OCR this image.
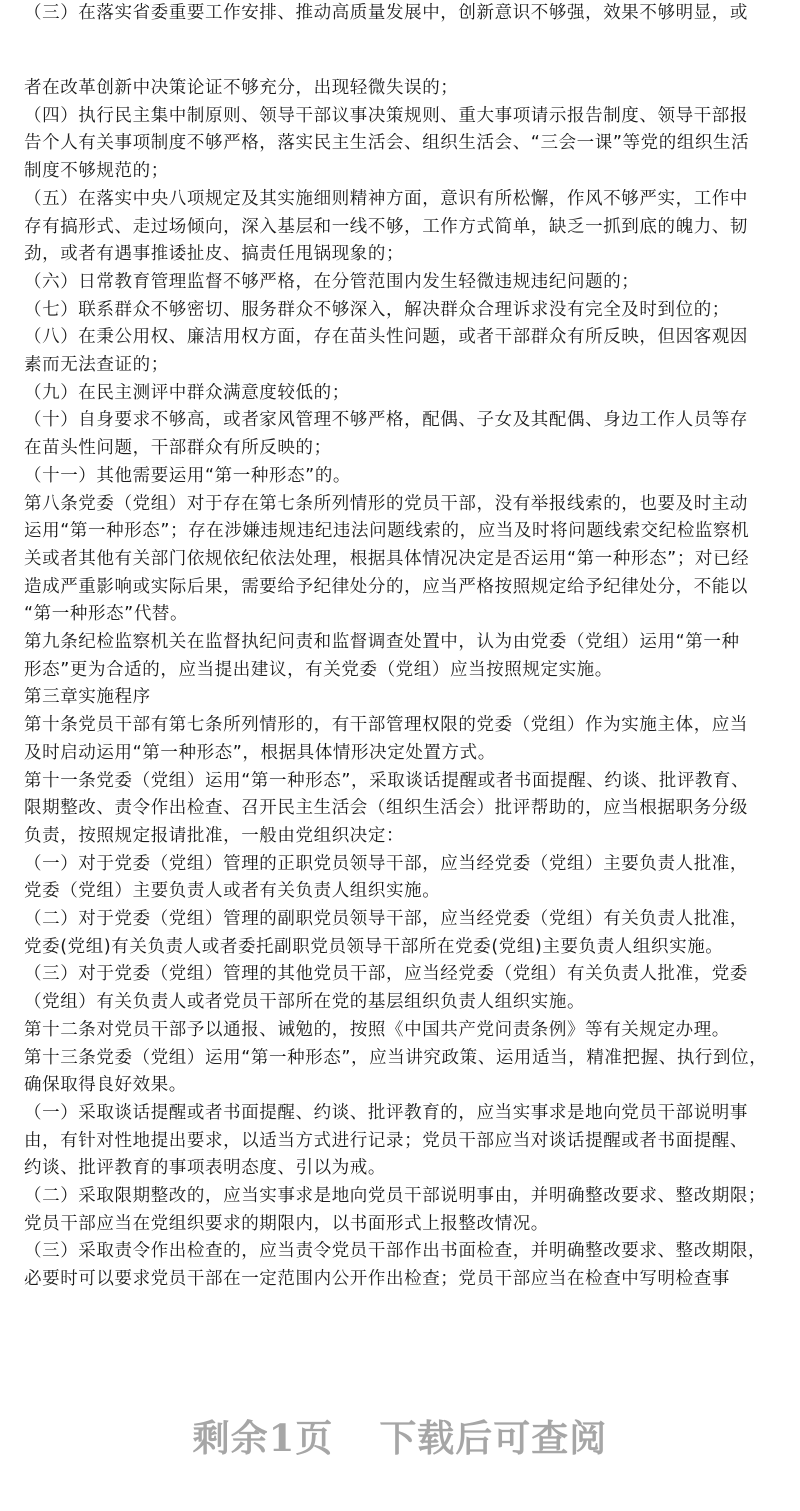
（三）在落实省委重要工作安排、推动高质量发展中，创新意识不够强，效果不够明显，或
者在改革创新中决策论证不够充分，出现轻微失误的；
（四）执行民主集中制原则、领导干部议事决策规则、重大事项请示报告制度、领导干部报
告个人有关事项制度不够严格，落实民主生活会、组织生活会、“三会一课”等党的组织生活
制度不够规范的；
（五）在落实中央八项规定及其实施细则精神方面，意识有所松懈，作风不够严实，工作中
存有搞形式、走过场倾向，深入基层和一线不够，工作方式简单，缺乏一抓到底的魄力、韧
劲，或者有遇事推诿扯皮、搞责任甩锅现象的；
（六）日常教育管理监督不够严格，在分管范围内发生轻微违规违纪问题的；
（七）联系群众不够密切、服务群众不够深入，解决群众合理诉求没有完全及时到位的；
（八）在秉公用权、廉洁用权方面，存在苗头性问题，或者干部群众有所反映，但因客观因
素而无法查证的；
（九）在民主测评中群众满意度较低的；
（十）自身要求不够高，或者家风管理不够严格，配偶、子女及其配偶、身边工作人员等存
在苗头性问题，干部群众有所反映的；
（十一）其他需要运用“第一种形态”的。
第八条党委（党组）对于存在第七条所列情形的党员干部，没有举报线索的，也要及时主动
运用“第一种形态”；存在涉嫌违规违纪违法问题线索的，应当及时将问题线索交纪检监察机
关或者其他有关部门依规依纪依法处理，根据具体情况决定是否运用“第一种形态”；对已经
造成严重影响或实际后果，需要给予纪律处分的，应当严格按照规定给予纪律处分，不能以
“第一种形态”代替。
第九条纪检监察机关在监督执纪问责和监督调查处置中，认为由党委（党组）运用“第一种
形态”更为合适的，应当提出建议，有关党委（党组）应当按照规定实施。
第三章实施程序
第十条党员干部有第七条所列情形的，有干部管理权限的党委（党组）作为实施主体，应当
及时启动运用“第一种形态”，根据具体情形决定处置方式。
第十一条党委（党组）运用“第一种形态”，采取谈话提醒或者书面提醒、约谈、批评教育、
限期整改、责令作出检查、召开民主生活会（组织生活会）批评帮助的，应当根据职务分级
负责，按照规定报请批准，一般由党组织决定：
（一）对于党委（党组）管理的正职党员领导干部，应当经党委（党组）主要负责人批准，
党委（党组）主要负责人或者有关负责人组织实施。
（二）对于党委（党组）管理的副职党员领导干部，应当经党委（党组）有关负责人批准，
党委(党组)有关负责人或者委托副职党员领导干部所在党委(党组)主要负责人组织实施。
（三）对于党委（党组）管理的其他党员干部，应当经党委（党组）有关负责人批准，党委
（党组）有关负责人或者党员干部所在党的基层组织负责人组织实施。
第十二条对党员干部予以通报、诫勉的，按照《中国共产党问责条例》等有关规定办理。
第十三条党委（党组）运用“第一种形态”，应当讲究政策、运用适当，精准把握、执行到位，
确保取得良好效果。
（一）采取谈话提醒或者书面提醒、约谈、批评教育的，应当实事求是地向党员干部说明事
由，有针对性地提出要求，以适当方式进行记录；党员干部应当对谈话提醒或者书面提醒、
约谈、批评教育的事项表明态度、引以为戒。
（二）采取限期整改的，应当实事求是地向党员干部说明事由，并明确整改要求、整改期限；
党员干部应当在党组织要求的期限内，以书面形式上报整改情况。
（三）采取责令作出检查的，应当责令党员干部作出书面检查，并明确整改要求、整改期限，
必要时可以要求党员干部在一定范围内公开作出检查；党员干部应当在检查中写明检查事
剩余1页 下载后可查阅
